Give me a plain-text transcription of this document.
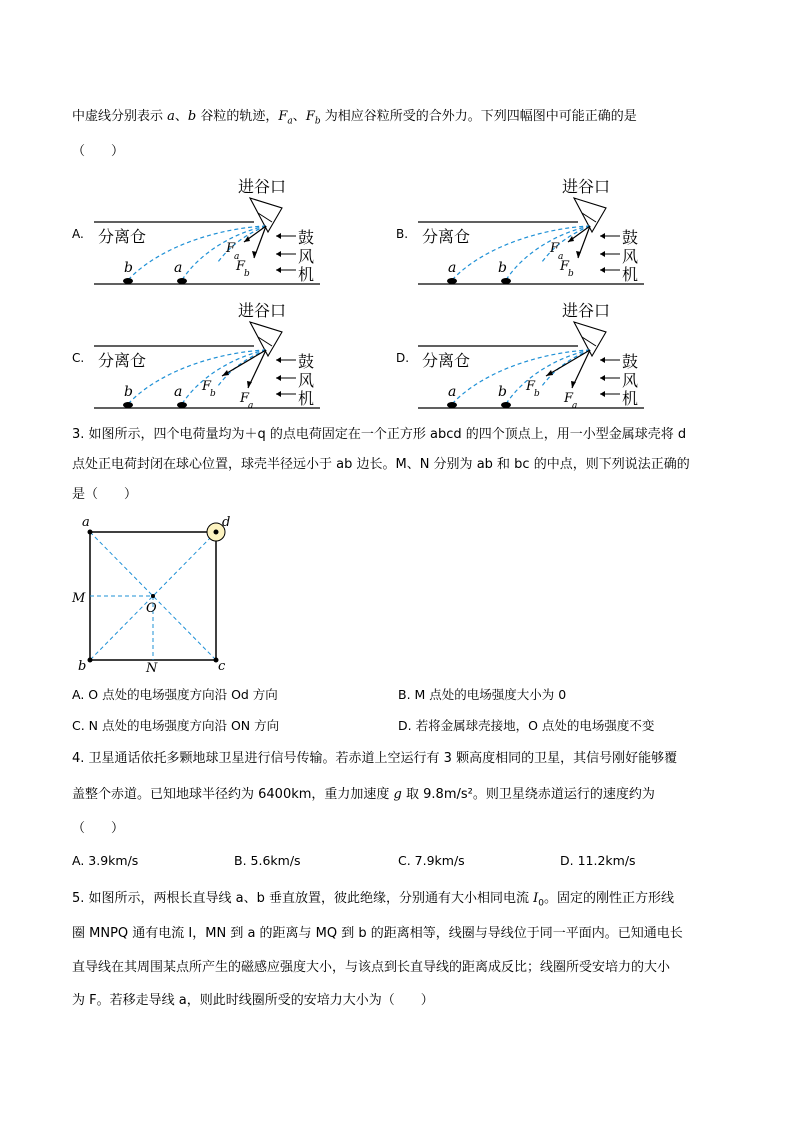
中虚线分别表示 a、b 谷粒的轨迹，$F_a$、$F_b$ 为相应谷粒所受的合外力。下列四幅图中可能正确的是
（　　）
A.
进谷口
分离仓
F
a
F
b
b	a
鼓
风
机
B.
进谷口
分离仓
F
a
F
b
a	b
鼓
风
机
C.
进谷口
分离仓
F
b F
a
b	a
鼓
风
机
D.
进谷口
分离仓
F
b F
a
a	b
鼓
风
机
3. 如图所示，四个电荷量均为＋q 的点电荷固定在一个正方形 abcd 的四个顶点上，用一小型金属球壳将 d
点处正电荷封闭在球心位置，球壳半径远小于 ab 边长。M、N 分别为 ab 和 bc 的中点，则下列说法正确的
是（　　）
a	d
b	c
M
N
O
A. O 点处的电场强度方向沿 Od 方向	B. M 点处的电场强度大小为 0
C. N 点处的电场强度方向沿 ON 方向	D. 若将金属球壳接地，O 点处的电场强度不变
4. 卫星通话依托多颗地球卫星进行信号传输。若赤道上空运行有 3 颗高度相同的卫星，其信号刚好能够覆
盖整个赤道。已知地球半径约为 6400km，重力加速度 g 取 9.8m/s²。则卫星绕赤道运行的速度约为
（　　）
A. 3.9km/s	B. 5.6km/s	C. 7.9km/s	D. 11.2km/s
5. 如图所示，两根长直导线 a、b 垂直放置，彼此绝缘，分别通有大小相同电流 $I_0$。固定的刚性正方形线
圈 MNPQ 通有电流 I，MN 到 a 的距离与 MQ 到 b 的距离相等，线圈与导线位于同一平面内。已知通电长
直导线在其周围某点所产生的磁感应强度大小，与该点到长直导线的距离成反比；线圈所受安培力的大小
为 F。若移走导线 a，则此时线圈所受的安培力大小为（　　）
